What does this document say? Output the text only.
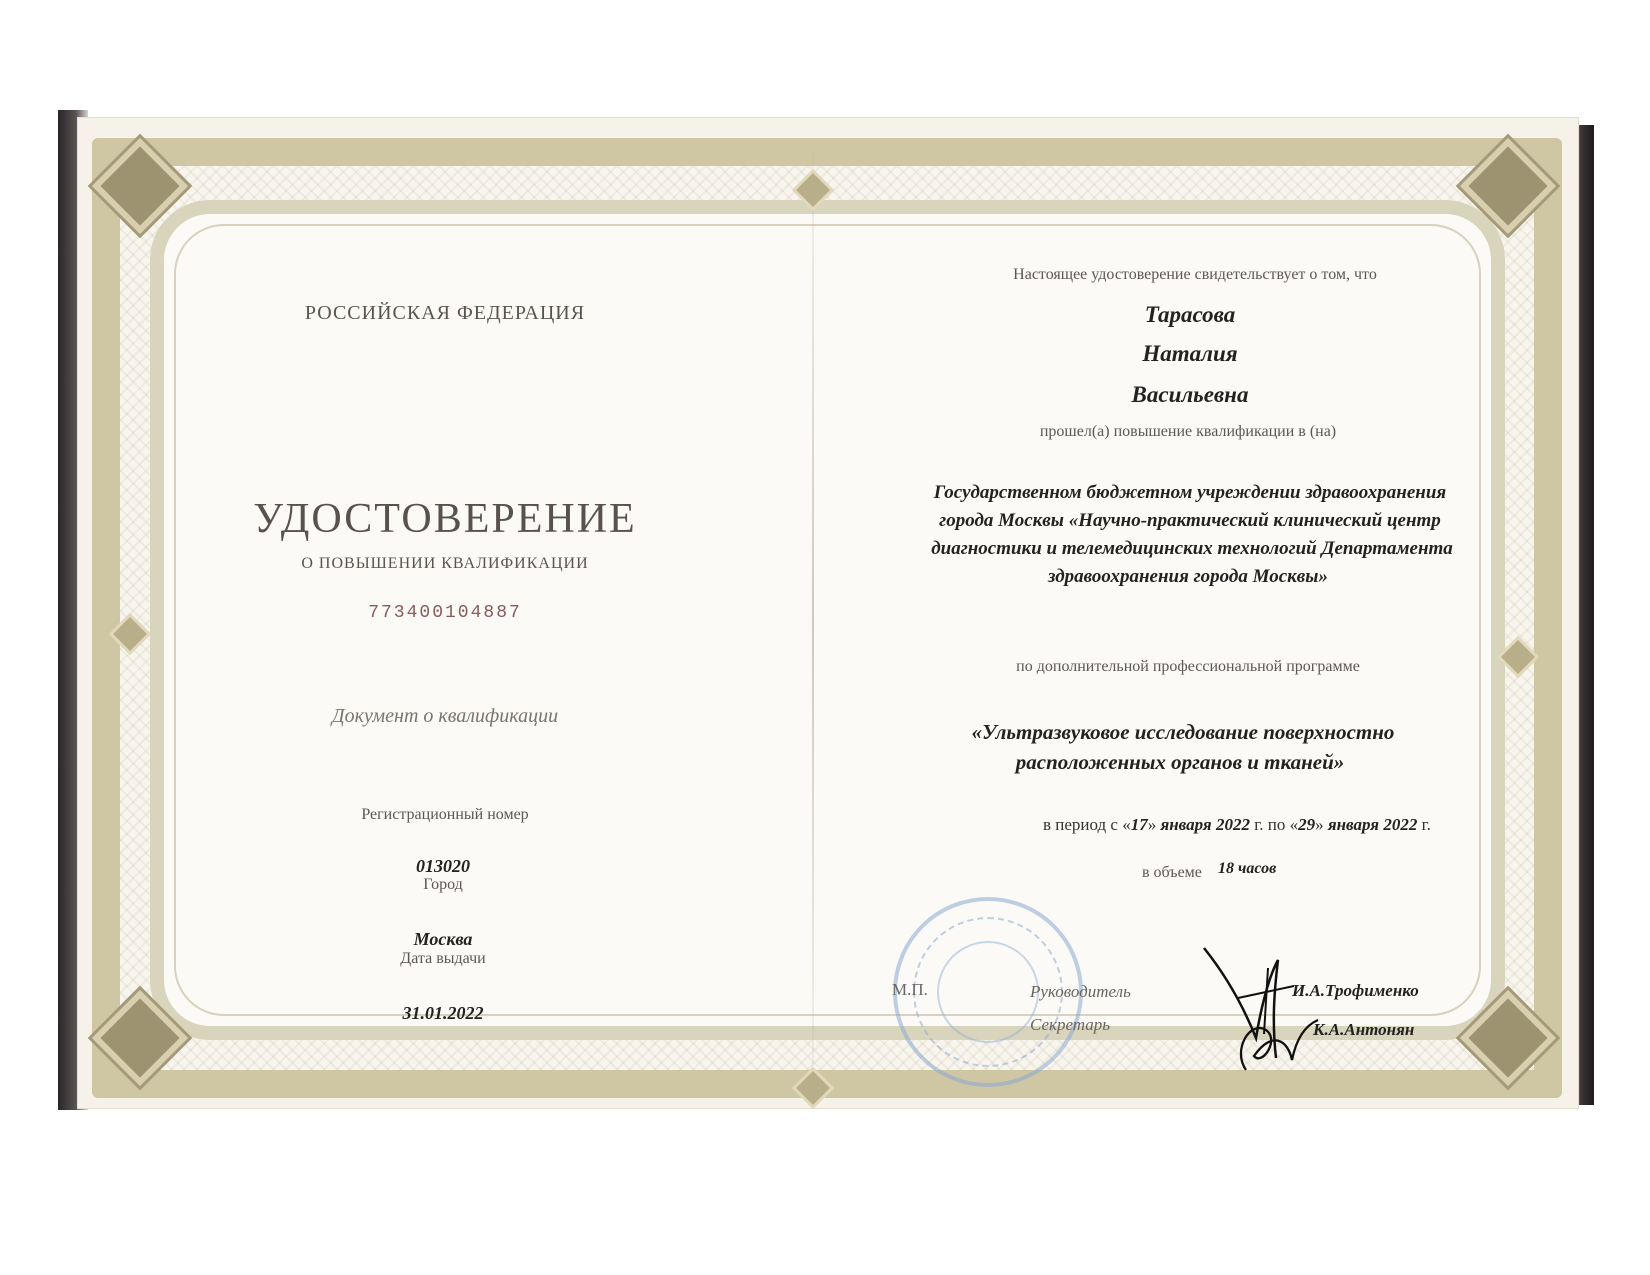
РОССИЙСКАЯ ФЕДЕРАЦИЯ
УДОСТОВЕРЕНИЕ
О ПОВЫШЕНИИ КВАЛИФИКАЦИИ
773400104887
Документ о квалификации
Регистрационный номер
013020
Город
Москва
Дата выдачи
31.01.2022
Настоящее удостоверение свидетельствует о том, что
Тарасова
Наталия
Васильевна
прошел(а) повышение квалификации в (на)
Государственном бюджетном учреждении здравоохранения
города Москвы «Научно-практический клинический центр
диагностики и телемедицинских технологий Департамента
здравоохранения города Москвы»
по дополнительной профессиональной программе
«Ультразвуковое исследование поверхностно
расположенных органов и тканей»
в период с «17» января 2022 г. по «29» января 2022 г.
в объеме 18 часов
М.П.	Руководитель
Секретарь
И.А.Трофименко
К.А.Антонян
